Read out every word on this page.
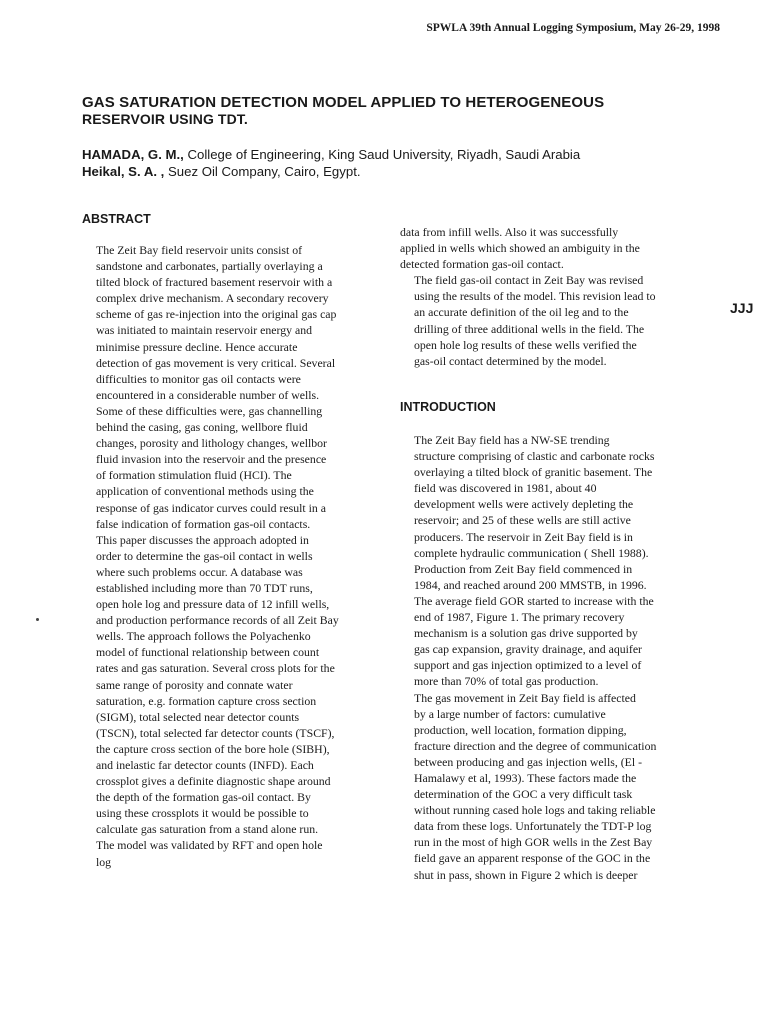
SPWLA 39th Annual Logging Symposium, May 26-29, 1998
GAS SATURATION DETECTION MODEL APPLIED TO HETEROGENEOUS
RESERVOIR USING TDT.
HAMADA, G. M., College of Engineering, King Saud University, Riyadh, Saudi Arabia
Heikal, S. A. , Suez Oil Company, Cairo, Egypt.
ABSTRACT

The Zeit Bay field reservoir units consist of
sandstone and carbonates, partially overlaying a
tilted block of fractured basement reservoir with a
complex drive mechanism. A secondary recovery
scheme of gas re-injection into the original gas cap
was initiated to maintain reservoir energy and
minimise pressure decline. Hence accurate
detection of gas movement is very critical. Several
difficulties to monitor gas oil contacts were
encountered in a considerable number of wells.
Some of these difficulties were, gas channelling
behind the casing, gas coning, wellbore fluid
changes, porosity and lithology changes, wellbor
fluid invasion into the reservoir and the presence
of formation stimulation fluid (HCI). The
application of conventional methods using the
response of gas indicator curves could result in a
false indication of formation gas-oil contacts.

This paper discusses the approach adopted in
order to determine the gas-oil contact in wells
where such problems occur. A database was
established including more than 70 TDT runs,
open hole log and pressure data of 12 infill wells,
and production performance records of all Zeit Bay
wells. The approach follows the Polyachenko
model of functional relationship between count
rates and gas saturation. Several cross plots for the
same range of porosity and connate water
saturation, e.g. formation capture cross section
(SIGM), total selected near detector counts
(TSCN), total selected far detector counts (TSCF),
the capture cross section of the bore hole (SIBH),
and inelastic far detector counts (INFD). Each
crossplot gives a definite diagnostic shape around
the depth of the formation gas-oil contact. By
using these crossplots it would be possible to
calculate gas saturation from a stand alone run.
The model was validated by RFT and open hole
log

data from infill wells. Also it was successfully
applied in wells which showed an ambiguity in the
detected formation gas-oil contact.

The field gas-oil contact in Zeit Bay was revised
using the results of the model. This revision lead to
an accurate definition of the oil leg and to the
drilling of three additional wells in the field. The
open hole log results of these wells verified the
gas-oil contact determined by the model.

INTRODUCTION

The Zeit Bay field has a NW-SE trending
structure comprising of clastic and carbonate rocks
overlaying a tilted block of granitic basement. The
field was discovered in 1981, about 40
development wells were actively depleting the
reservoir; and 25 of these wells are still active
producers. The reservoir in Zeit Bay field is in
complete hydraulic communication ( Shell 1988).

Production from Zeit Bay field commenced in
1984, and reached around 200 MMSTB, in 1996.
The average field GOR started to increase with the
end of 1987, Figure 1. The primary recovery
mechanism is a solution gas drive supported by
gas cap expansion, gravity drainage, and aquifer
support and gas injection optimized to a level of
more than 70% of total gas production.

The gas movement in Zeit Bay field is affected
by a large number of factors: cumulative
production, well location, formation dipping,
fracture direction and the degree of communication
between producing and gas injection wells, (El -
Hamalawy et al, 1993). These factors made the
determination of the GOC a very difficult task
without running cased hole logs and taking reliable
data from these logs. Unfortunately the TDT-P log
run in the most of high GOR wells in the Zest Bay
field gave an apparent response of the GOC in the
shut in pass, shown in Figure 2 which is deeper

JJJ
